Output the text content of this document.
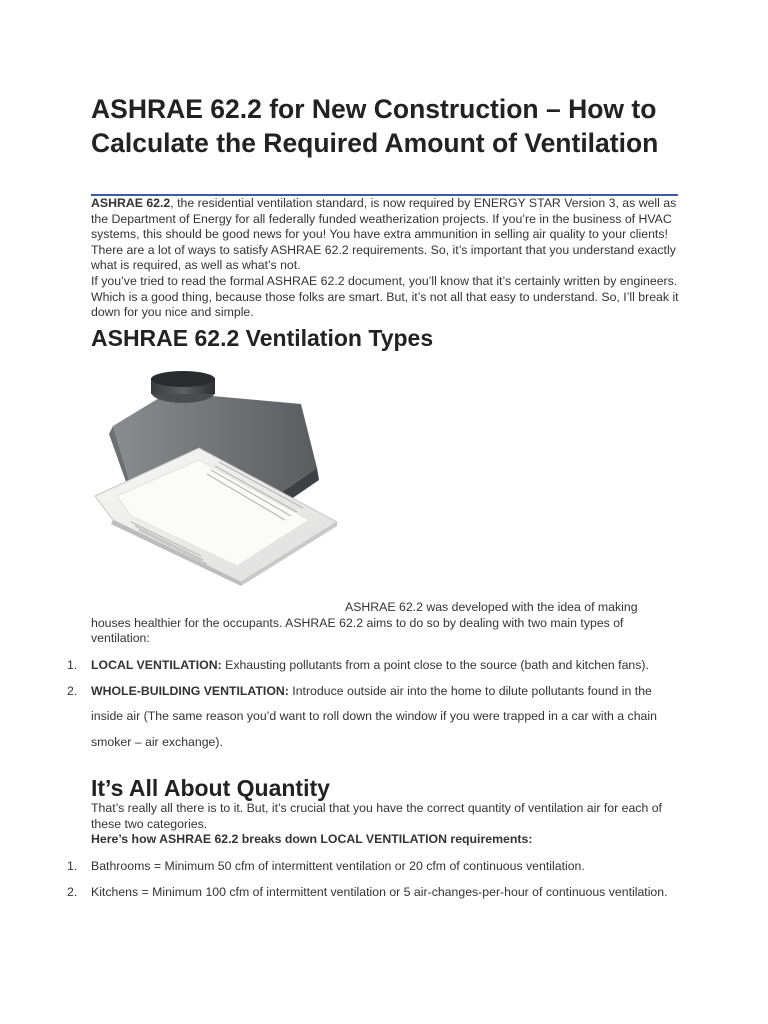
ASHRAE 62.2 for New Construction – How to Calculate the Required Amount of Ventilation

ASHRAE 62.2, the residential ventilation standard, is now required by ENERGY STAR Version 3, as well as the Department of Energy for all federally funded weatherization projects. If you’re in the business of HVAC systems, this should be good news for you! You have extra ammunition in selling air quality to your clients! There are a lot of ways to satisfy ASHRAE 62.2 requirements. So, it’s important that you understand exactly what is required, as well as what’s not.

If you’ve tried to read the formal ASHRAE 62.2 document, you’ll know that it’s certainly written by engineers. Which is a good thing, because those folks are smart. But, it’s not all that easy to understand. So, I’ll break it down for you nice and simple.

ASHRAE 62.2 Ventilation Types
ASHRAE 62.2 was developed with the idea of making houses healthier for the occupants. ASHRAE 62.2 aims to do so by dealing with two main types of ventilation:
1. LOCAL VENTILATION: Exhausting pollutants from a point close to the source (bath and kitchen fans).
2. WHOLE-BUILDING VENTILATION: Introduce outside air into the home to dilute pollutants found in the inside air (The same reason you’d want to roll down the window if you were trapped in a car with a chain smoker – air exchange).
It’s All About Quantity

That’s really all there is to it. But, it’s crucial that you have the correct quantity of ventilation air for each of these two categories.

Here’s how ASHRAE 62.2 breaks down LOCAL VENTILATION requirements:

1. Bathrooms = Minimum 50 cfm of intermittent ventilation or 20 cfm of continuous ventilation.
2. Kitchens = Minimum 100 cfm of intermittent ventilation or 5 air-changes-per-hour of continuous ventilation.
